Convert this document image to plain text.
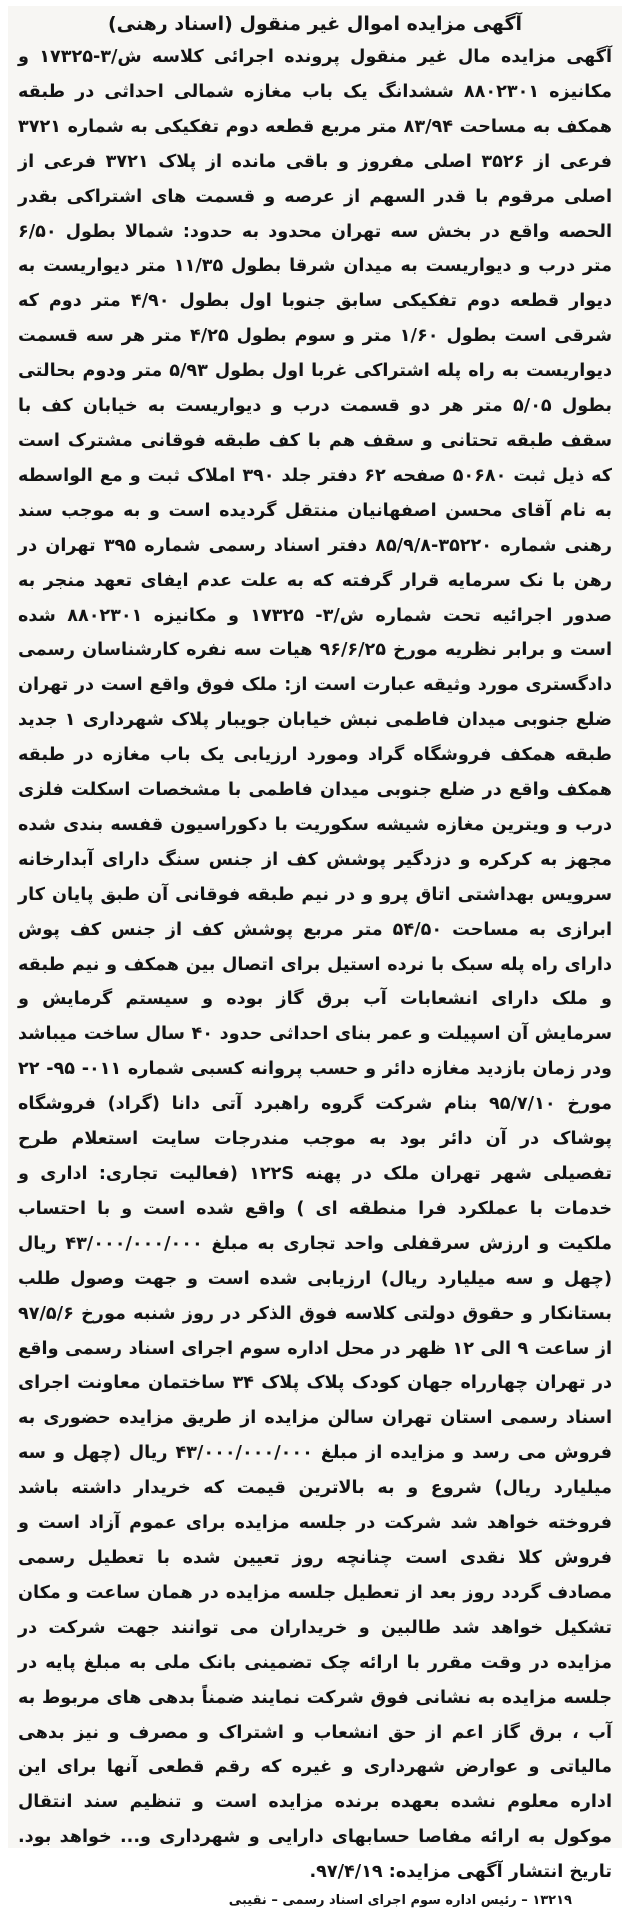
آگهی مزایده اموال غیر منقول (اسناد رهنی)

آگهی مزایده مال غیر منقول پرونده اجرائی کلاسه ش/۳-۱۷۳۲۵ و مکانیزه ۸۸۰۲۳۰۱ ششدانگ یک باب مغازه شمالی احداثی در طبقه همکف به مساحت ۸۳/۹۴ متر مربع قطعه دوم تفکیکی به شماره ۳۷۲۱ فرعی از ۳۵۲۶ اصلی مفروز و باقی مانده از پلاک ۳۷۲۱ فرعی از اصلی مرقوم با قدر السهم از عرصه و قسمت های اشتراکی بقدر الحصه واقع در بخش سه تهران محدود به حدود: شمالا بطول ۶/۵۰ متر درب و دیواریست به میدان شرقا بطول ۱۱/۳۵ متر دیواریست به دیوار قطعه دوم تفکیکی سابق جنوبا اول بطول ۴/۹۰ متر دوم که شرقی است بطول ۱/۶۰ متر و سوم بطول ۴/۲۵ متر هر سه قسمت دیواریست به راه پله اشتراکی غربا اول بطول ۵/۹۳ متر ودوم بحالتی بطول ۵/۰۵ متر هر دو قسمت درب و دیواریست به خیابان کف با سقف طبقه تحتانی و سقف هم با کف طبقه فوقانی مشترک است که ذیل ثبت ۵۰۶۸۰ صفحه ۶۲ دفتر جلد ۳۹۰ املاک ثبت و مع الواسطه به نام آقای محسن اصفهانیان منتقل گردیده است و به موجب سند رهنی شماره ۳۵۲۲۰-۸۵/۹/۸ دفتر اسناد رسمی شماره ۳۹۵ تهران در رهن با نک سرمایه قرار گرفته که به علت عدم ایفای تعهد منجر به صدور اجرائیه تحت شماره ش/۳- ۱۷۳۲۵ و مکانیزه ۸۸۰۲۳۰۱ شده است و برابر نظریه مورخ ۹۶/۶/۲۵ هیات سه نفره کارشناسان رسمی دادگستری مورد وثیقه عبارت است از: ملک فوق واقع است در تهران ضلع جنوبی میدان فاطمی نبش خیابان جویبار پلاک شهرداری ۱ جدید طبقه همکف فروشگاه گراد ومورد ارزیابی یک باب مغازه در طبقه همکف واقع در ضلع جنوبی میدان فاطمی با مشخصات اسکلت فلزی درب و ویترین مغازه شیشه سکوریت با دکوراسیون قفسه بندی شده مجهز به کرکره و دزدگیر پوشش کف از جنس سنگ دارای آبدارخانه سرویس بهداشتی اتاق پرو و در نیم طبقه فوقانی آن طبق پایان کار ابرازی به مساحت ۵۴/۵۰ متر مربع پوشش کف از جنس کف پوش دارای راه پله سبک با نرده استیل برای اتصال بین همکف و نیم طبقه و ملک دارای انشعابات آب برق گاز بوده و سیستم گرمایش و سرمایش آن اسپیلت و عمر بنای احداثی حدود ۴۰ سال ساخت میباشد ودر زمان بازدید مغازه دائر و حسب پروانه کسبی شماره ۰۱۱- ۹۵- ۲۲ مورخ ۹۵/۷/۱۰ بنام شرکت گروه راهبرد آتی دانا (گراد) فروشگاه پوشاک در آن دائر بود به موجب مندرجات سایت استعلام طرح تفصیلی شهر تهران ملک در پهنه ۱۲۲S (فعالیت تجاری: اداری و خدمات با عملکرد فرا منطقه ای ) واقع شده است و با احتساب ملکیت و ارزش سرقفلی واحد تجاری به مبلغ ۴۳/۰۰۰/۰۰۰/۰۰۰ ریال (چهل و سه میلیارد ریال) ارزیابی شده است و جهت وصول طلب بستانکار و حقوق دولتی کلاسه فوق الذکر در روز شنبه مورخ ۹۷/۵/۶ از ساعت ۹ الی ۱۲ ظهر در محل اداره سوم اجرای اسناد رسمی واقع در تهران چهارراه جهان کودک پلاک پلاک ۳۴ ساختمان معاونت اجرای اسناد رسمی استان تهران سالن مزایده از طریق مزایده حضوری به فروش می رسد و مزایده از مبلغ ۴۳/۰۰۰/۰۰۰/۰۰۰ ریال (چهل و سه میلیارد ریال) شروع و به بالاترین قیمت که خریدار داشته باشد فروخته خواهد شد شرکت در جلسه مزایده برای عموم آزاد است و فروش کلا نقدی است چنانچه روز تعیین شده با تعطیل رسمی مصادف گردد روز بعد از تعطیل جلسه مزایده در همان ساعت و مکان تشکیل خواهد شد طالبین و خریداران می توانند جهت شرکت در مزایده در وقت مقرر با ارائه چک تضمینی بانک ملی به مبلغ پایه در جلسه مزایده به نشانی فوق شرکت نمایند ضمناً بدهی های مربوط به آب ، برق گاز اعم از حق انشعاب و اشتراک و مصرف و نیز بدهی مالیاتی و عوارض شهرداری و غیره که رقم قطعی آنها برای این اداره معلوم نشده بعهده برنده مزایده است و تنظیم سند انتقال موکول به ارائه مفاصا حسابهای دارایی و شهرداری و... خواهد بود. تاریخ انتشار آگهی مزایده: ۹۷/۴/۱۹.

۱۳۲۱۹ – رئیس اداره سوم اجرای اسناد رسمی – نقیبی
